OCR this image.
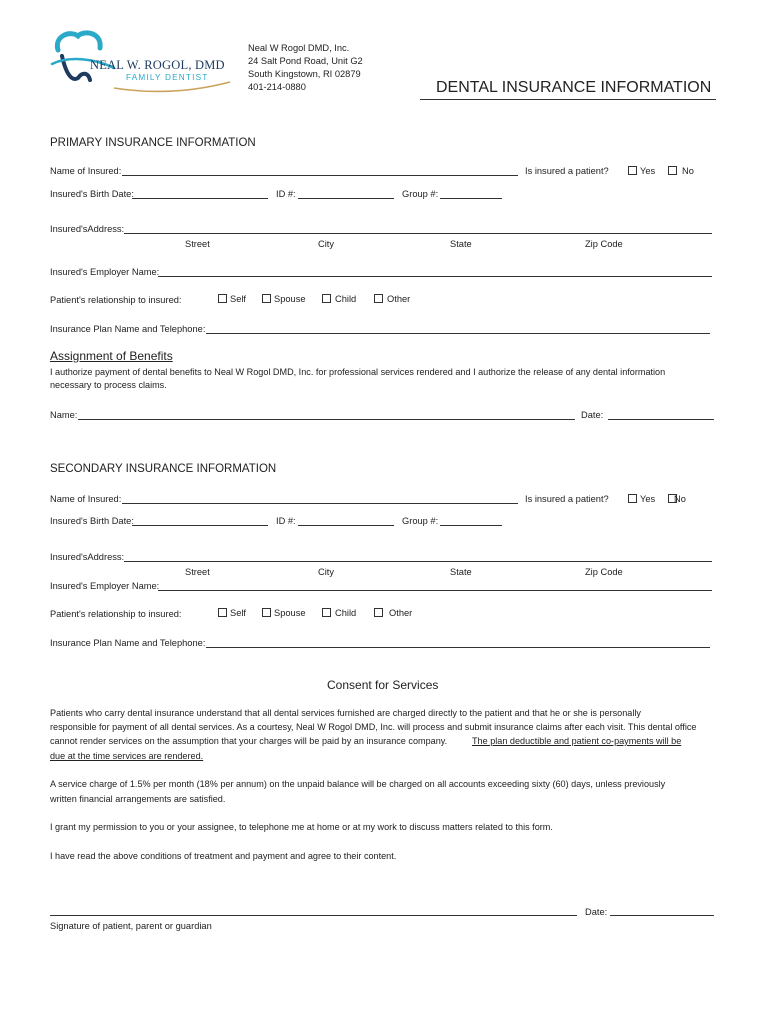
NEAL W. ROGOL, DMD
FAMILY DENTIST
Neal W Rogol DMD, Inc.
24 Salt Pond Road, Unit G2
South Kingstown, RI 02879
401-214-0880	DENTAL INSURANCE INFORMATION
PRIMARY INSURANCE INFORMATION
Name of Insured:	Is insured a patient?	Yes	No
Insured's Birth Date:	ID #:	Group #:
Insured'sAddress:
Street	City	State	Zip Code
Insured's Employer Name:
Patient's relationship to insured:	Self	Spouse	Child	Other
Insurance Plan Name and Telephone:
Assignment of Benefits
I authorize payment of dental benefits to Neal W Rogol DMD, Inc. for professional services rendered and I authorize the release of any dental information
necessary to process claims.
Name:	Date:
SECONDARY INSURANCE INFORMATION
Name of Insured:	Is insured a patient?	Yes No
Insured's Birth Date:	ID #:	Group #:
Insured'sAddress:
Street	City	State	Zip Code
Insured's Employer Name:
Patient's relationship to insured:	Self	Spouse	Child	Other
Insurance Plan Name and Telephone:
Consent for Services
Patients who carry dental insurance understand that all dental services furnished are charged directly to the patient and that he or she is personally
responsible for payment of all dental services. As a courtesy, Neal W Rogol DMD, Inc. will process and submit insurance claims after each visit. This dental office
cannot render services on the assumption that your charges will be paid by an insurance company.	The plan deductible and patient co-payments will be
due at the time services are rendered.
A service charge of 1.5% per month (18% per annum) on the unpaid balance will be charged on all accounts exceeding sixty (60) days, unless previously
written financial arrangements are satisfied.
I grant my permission to you or your assignee, to telephone me at home or at my work to discuss matters related to this form.
I have read the above conditions of treatment and payment and agree to their content.
Date:
Signature of patient, parent or guardian
